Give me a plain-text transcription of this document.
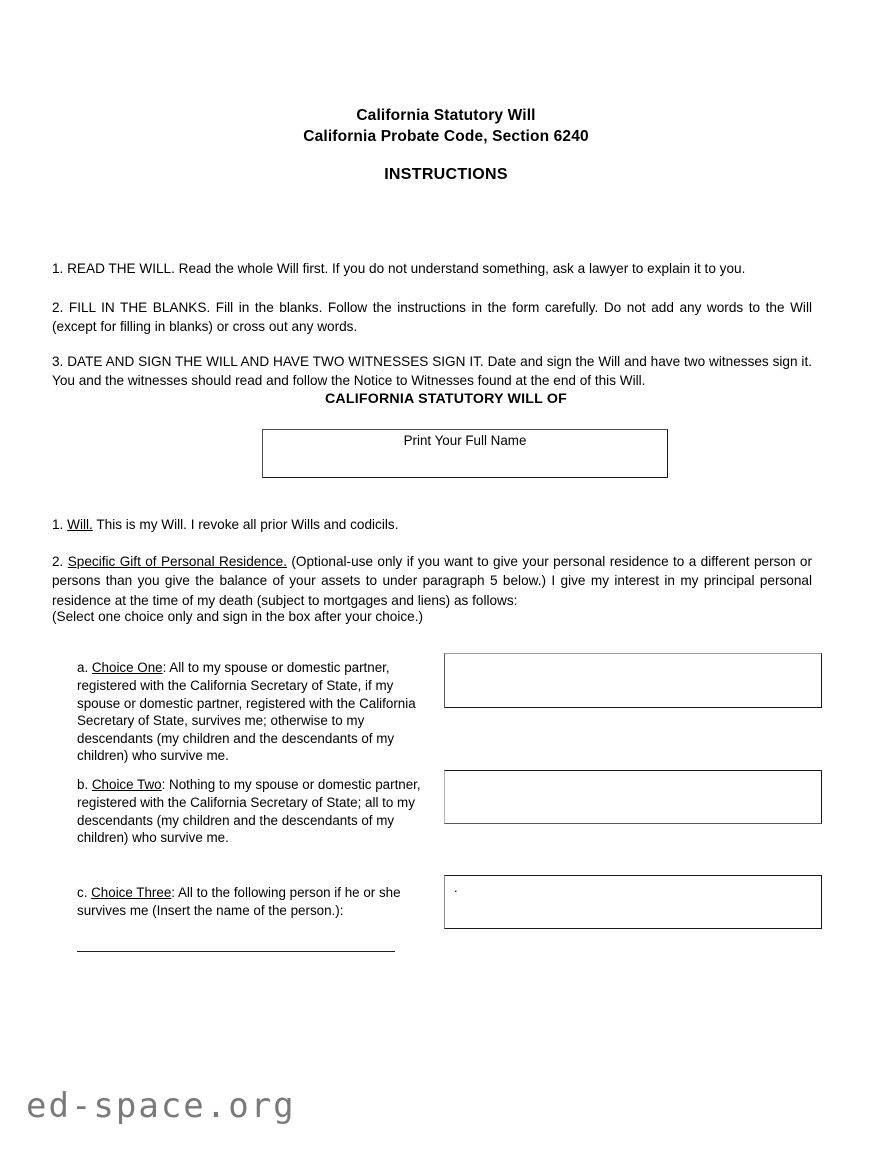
California Statutory Will
California Probate Code, Section 6240
INSTRUCTIONS

1. READ THE WILL. Read the whole Will first. If you do not understand something, ask a lawyer to explain it to you.

2. FILL IN THE BLANKS. Fill in the blanks. Follow the instructions in the form carefully. Do not add any words to the Will (except for filling in blanks) or cross out any words.

3. DATE AND SIGN THE WILL AND HAVE TWO WITNESSES SIGN IT. Date and sign the Will and have two witnesses sign it. You and the witnesses should read and follow the Notice to Witnesses found at the end of this Will.

CALIFORNIA STATUTORY WILL OF
Print Your Full Name

1. Will. This is my Will. I revoke all prior Wills and codicils.

2. Specific Gift of Personal Residence. (Optional-use only if you want to give your personal residence to a different person or persons than you give the balance of your assets to under paragraph 5 below.) I give my interest in my principal personal residence at the time of my death (subject to mortgages and liens) as follows:

(Select one choice only and sign in the box after your choice.)

a. Choice One: All to my spouse or domestic partner, registered with the California Secretary of State, if my spouse or domestic partner, registered with the California Secretary of State, survives me; otherwise to my descendants (my children and the descendants of my children) who survive me.

b. Choice Two: Nothing to my spouse or domestic partner, registered with the California Secretary of State; all to my descendants (my children and the descendants of my children) who survive me.

c. Choice Three: All to the following person if he or she survives me (Insert the name of the person.):

.
ed-space.org
